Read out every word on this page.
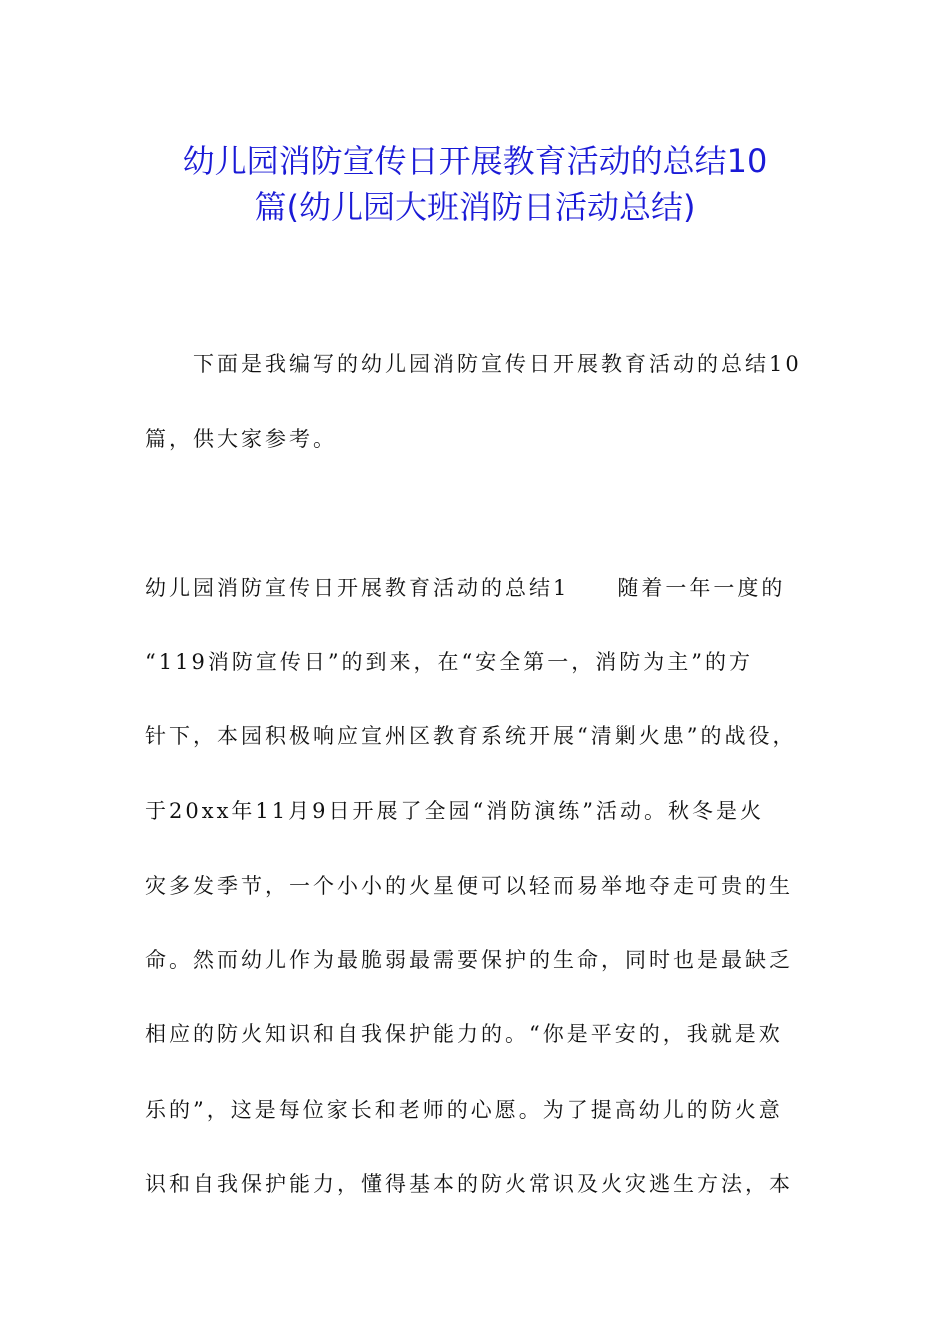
幼儿园消防宣传日开展教育活动的总结10
篇(幼儿园大班消防日活动总结)
下面是我编写的幼儿园消防宣传日开展教育活动的总结10
篇，供大家参考。
幼儿园消防宣传日开展教育活动的总结1　　随着一年一度的
“119消防宣传日”的到来，在“安全第一，消防为主”的方
针下，本园积极响应宣州区教育系统开展“清剿火患”的战役，
于20xx年11月9日开展了全园“消防演练”活动。秋冬是火
灾多发季节，一个小小的火星便可以轻而易举地夺走可贵的生
命。然而幼儿作为最脆弱最需要保护的生命，同时也是最缺乏
相应的防火知识和自我保护能力的。“你是平安的，我就是欢
乐的”，这是每位家长和老师的心愿。为了提高幼儿的防火意
识和自我保护能力，懂得基本的防火常识及火灾逃生方法，本
